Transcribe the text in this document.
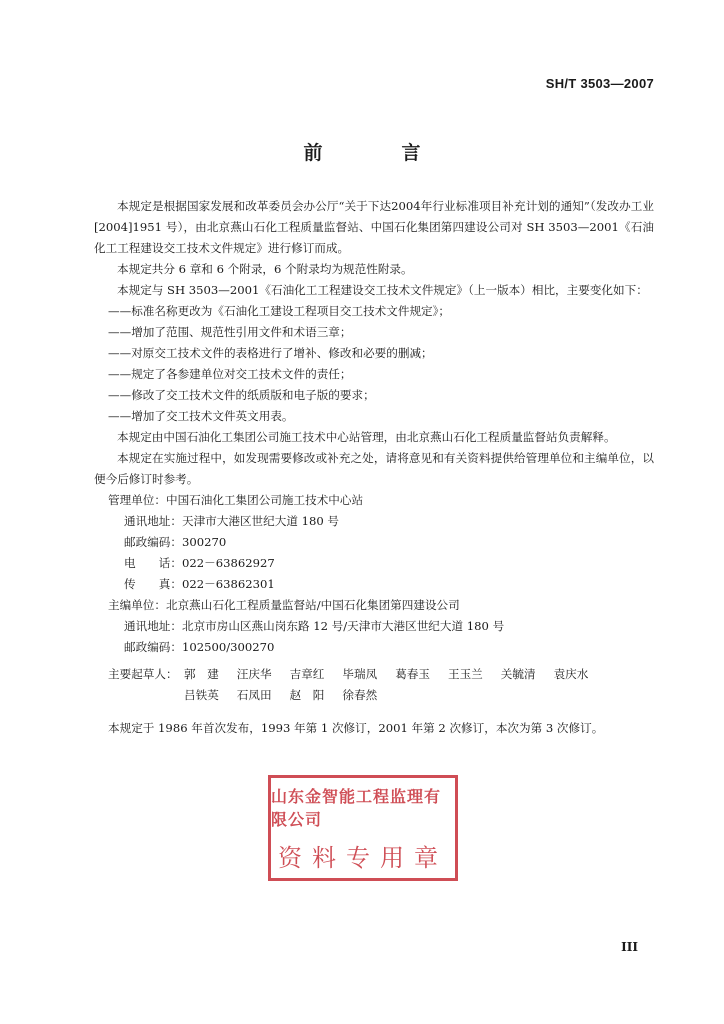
SH/T 3503—2007
前　言

本规定是根据国家发展和改革委员会办公厅“关于下达2004年行业标准项目补充计划的通知”（发改办工业[2004]1951 号），由北京燕山石化工程质量监督站、中国石化集团第四建设公司对 SH 3503—2001《石油化工工程建设交工技术文件规定》进行修订而成。

本规定共分 6 章和 6 个附录，6 个附录均为规范性附录。

本规定与 SH 3503—2001《石油化工工程建设交工技术文件规定》（上一版本）相比，主要变化如下：

——标准名称更改为《石油化工建设工程项目交工技术文件规定》；

——增加了范围、规范性引用文件和术语三章；

——对原交工技术文件的表格进行了增补、修改和必要的删减；

——规定了各参建单位对交工技术文件的责任；

——修改了交工技术文件的纸质版和电子版的要求；

——增加了交工技术文件英文用表。

本规定由中国石油化工集团公司施工技术中心站管理，由北京燕山石化工程质量监督站负责解释。

本规定在实施过程中，如发现需要修改或补充之处，请将意见和有关资料提供给管理单位和主编单位，以便今后修订时参考。

管理单位：中国石油化工集团公司施工技术中心站

通讯地址：天津市大港区世纪大道 180 号

邮政编码：300270

电　　话：022－63862927

传　　真：022－63862301

主编单位：北京燕山石化工程质量监督站/中国石化集团第四建设公司

通讯地址：北京市房山区燕山岗东路 12 号/天津市大港区世纪大道 180 号

邮政编码：102500/300270

主要起草人： 郭　建 汪庆华 吉章红 毕瑞凤 葛春玉 王玉兰 关毓清 袁庆水
吕铁英 石凤田 赵　阳 徐春然

本规定于 1986 年首次发布，1993 年第 1 次修订，2001 年第 2 次修订，本次为第 3 次修订。

山东金智能工程监理有限公司
资料专用章
III
